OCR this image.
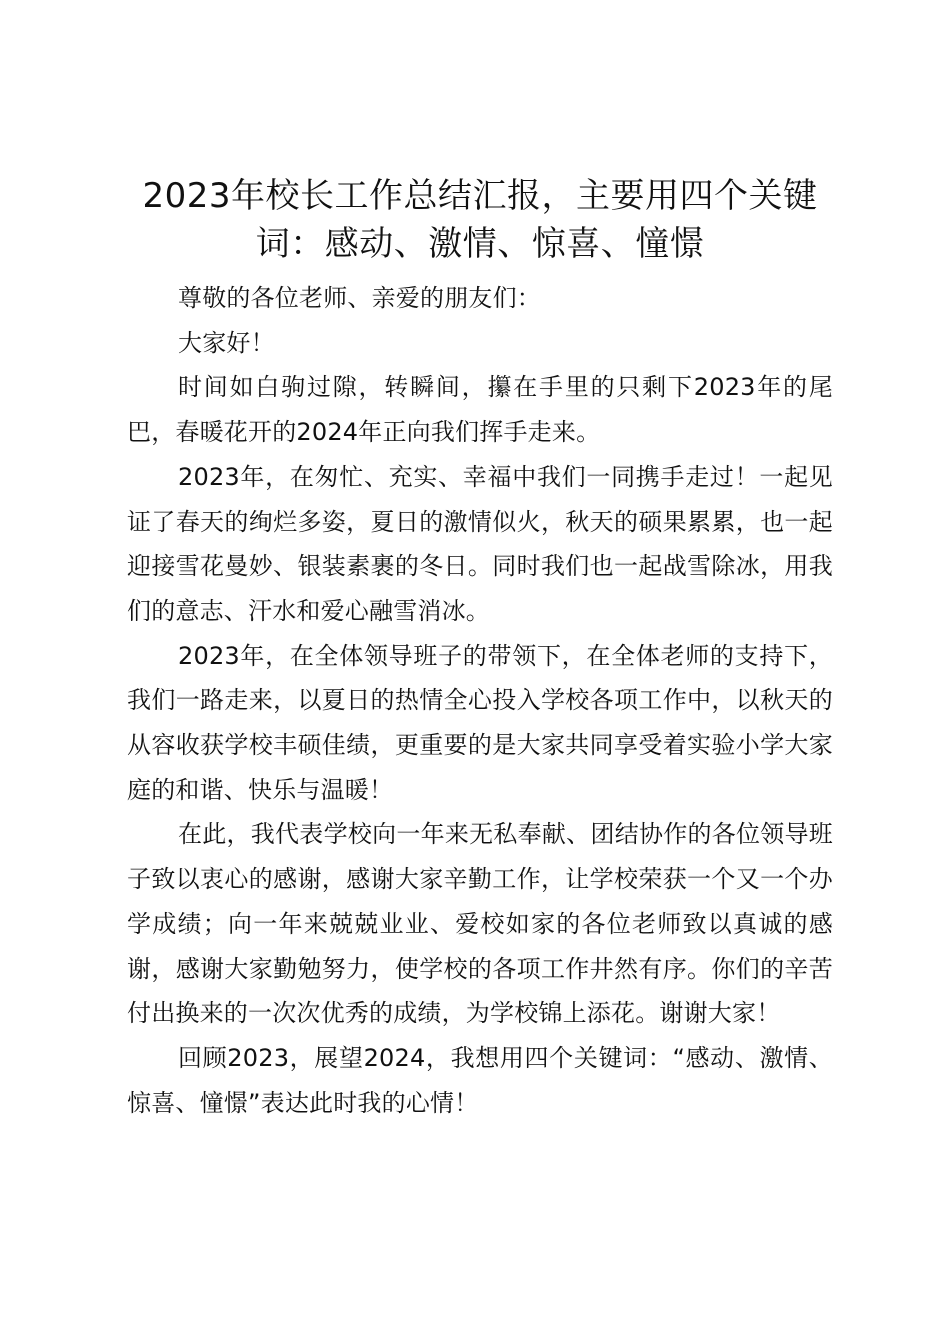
2023年校长工作总结汇报，主要用四个关键词：感动、激情、惊喜、憧憬

尊敬的各位老师、亲爱的朋友们：

大家好！

时间如白驹过隙，转瞬间，攥在手里的只剩下2023年的尾巴，春暖花开的2024年正向我们挥手走来。

2023年，在匆忙、充实、幸福中我们一同携手走过！一起见证了春天的绚烂多姿，夏日的激情似火，秋天的硕果累累，也一起迎接雪花曼妙、银装素裹的冬日。同时我们也一起战雪除冰，用我们的意志、汗水和爱心融雪消冰。

2023年，在全体领导班子的带领下，在全体老师的支持下，我们一路走来，以夏日的热情全心投入学校各项工作中，以秋天的从容收获学校丰硕佳绩，更重要的是大家共同享受着实验小学大家庭的和谐、快乐与温暖！

在此，我代表学校向一年来无私奉献、团结协作的各位领导班子致以衷心的感谢，感谢大家辛勤工作，让学校荣获一个又一个办学成绩；向一年来兢兢业业、爱校如家的各位老师致以真诚的感谢，感谢大家勤勉努力，使学校的各项工作井然有序。你们的辛苦付出换来的一次次优秀的成绩，为学校锦上添花。谢谢大家！

回顾2023，展望2024，我想用四个关键词：“感动、激情、惊喜、憧憬”表达此时我的心情！
